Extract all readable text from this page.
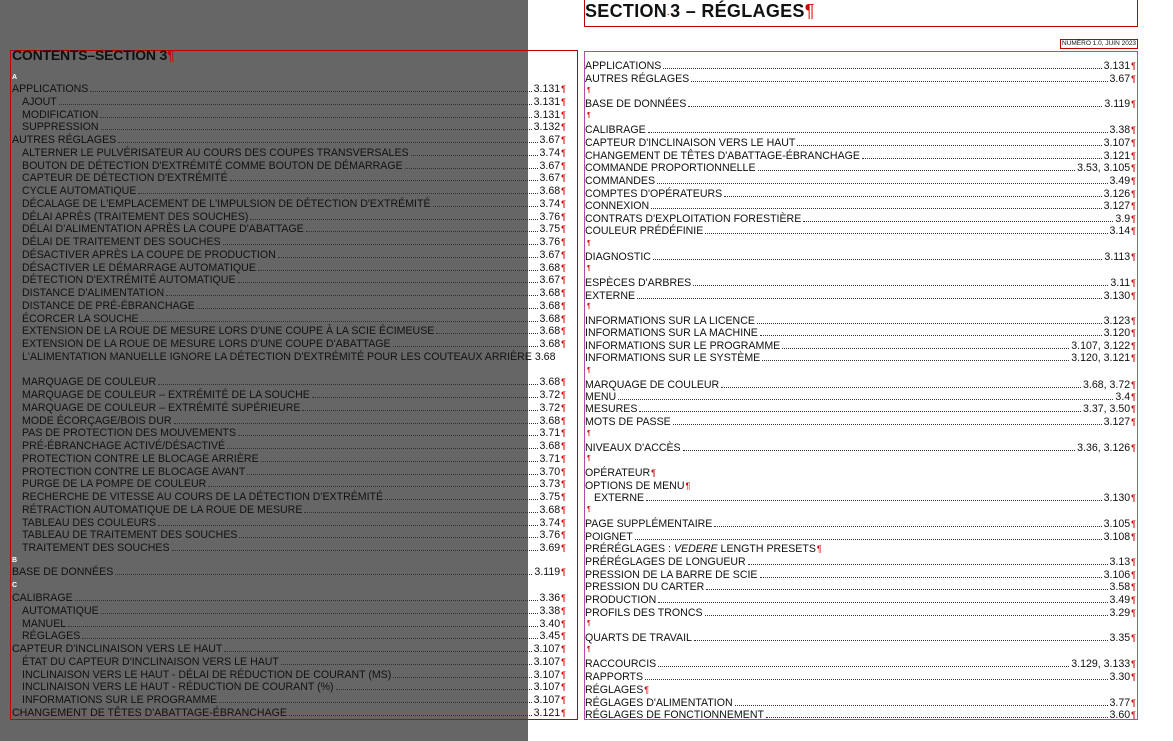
CONTENTS–SECTION 3¶
A
APPLICATIONS	3.131 ¶
AJOUT	3.131 ¶
MODIFICATION	3.131 ¶
SUPPRESSION	3.132 ¶
AUTRES RÉGLAGES	3.67 ¶
ALTERNER LE PULVÉRISATEUR AU COURS DES COUPES TRANSVERSALES	3.74 ¶
BOUTON DE DÉTECTION D'EXTRÉMITÉ COMME BOUTON DE DÉMARRAGE	3.67 ¶
CAPTEUR DE DÉTECTION D'EXTRÉMITÉ	3.67 ¶
CYCLE AUTOMATIQUE	3.68 ¶
DÉCALAGE DE L'EMPLACEMENT DE L'IMPULSION DE DÉTECTION D'EXTRÉMITÉ	3.74 ¶
DÉLAI APRÈS (TRAITEMENT DES SOUCHES)	3.76 ¶
DÉLAI D'ALIMENTATION APRÈS LA COUPE D'ABATTAGE	3.75 ¶
DÉLAI DE TRAITEMENT DES SOUCHES	3.76 ¶
DÉSACTIVER APRÈS LA COUPE DE PRODUCTION	3.67 ¶
DÉSACTIVER LE DÉMARRAGE AUTOMATIQUE	3.68 ¶
DÉTECTION D'EXTRÉMITÉ AUTOMATIQUE	3.67 ¶
DISTANCE D'ALIMENTATION	3.68 ¶
DISTANCE DE PRÉ-ÉBRANCHAGE	3.68 ¶
ÉCORCER LA SOUCHE	3.68 ¶
EXTENSION DE LA ROUE DE MESURE LORS D'UNE COUPE À LA SCIE ÉCIMEUSE	3.68 ¶
EXTENSION DE LA ROUE DE MESURE LORS D'UNE COUPE D'ABATTAGE	3.68 ¶
L'ALIMENTATION MANUELLE IGNORE LA DÉTECTION D'EXTRÉMITÉ POUR LES COUTEAUX ARRIÈRE 3.68
MARQUAGE DE COULEUR	3.68 ¶
MARQUAGE DE COULEUR – EXTRÉMITÉ DE LA SOUCHE	3.72 ¶
MARQUAGE DE COULEUR – EXTRÉMITÉ SUPÉRIEURE	3.72 ¶
MODE ÉCORÇAGE/BOIS DUR	3.68 ¶
PAS DE PROTECTION DES MOUVEMENTS	3.71 ¶
PRÉ-ÉBRANCHAGE ACTIVÉ/DÉSACTIVÉ	3.68 ¶
PROTECTION CONTRE LE BLOCAGE ARRIÈRE	3.71 ¶
PROTECTION CONTRE LE BLOCAGE AVANT	3.70 ¶
PURGE DE LA POMPE DE COULEUR	3.73 ¶
RECHERCHE DE VITESSE AU COURS DE LA DÉTECTION D'EXTRÉMITÉ	3.75 ¶
RÉTRACTION AUTOMATIQUE DE LA ROUE DE MESURE	3.68 ¶
TABLEAU DES COULEURS	3.74 ¶
TABLEAU DE TRAITEMENT DES SOUCHES	3.76 ¶
TRAITEMENT DES SOUCHES	3.69 ¶
B
BASE DE DONNÉES	3.119 ¶
C
CALIBRAGE	3.36 ¶
AUTOMATIQUE	3.38 ¶
MANUEL	3.40 ¶
RÉGLAGES	3.45 ¶
CAPTEUR D'INCLINAISON VERS LE HAUT	3.107 ¶
ÉTAT DU CAPTEUR D'INCLINAISON VERS LE HAUT	3.107 ¶
INCLINAISON VERS LE HAUT - DÉLAI DE RÉDUCTION DE COURANT (MS)	3.107 ¶
INCLINAISON VERS LE HAUT - RÉDUCTION DE COURANT (%)	3.107 ¶
INFORMATIONS SUR LE PROGRAMME	3.107 ¶
CHANGEMENT DE TÊTES D'ABATTAGE-ÉBRANCHAGE	3.121 ¶
SECTION·3 – RÉGLAGES¶
NUMÉRO 1.0, JUIN 2023
¶
¶
¶
¶
¶
¶
¶
¶
¶
¶
¶
APPLICATIONS	3.131 ¶
AUTRES RÉGLAGES	3.67 ¶
BASE DE DONNÉES	3.119 ¶
CALIBRAGE	3.38 ¶
CAPTEUR D'INCLINAISON VERS LE HAUT	3.107 ¶
CHANGEMENT DE TÊTES D'ABATTAGE-ÉBRANCHAGE	3.121 ¶
COMMANDE PROPORTIONNELLE	3.53, 3.105 ¶
COMMANDES	3.49 ¶
COMPTES D'OPÉRATEURS	3.126 ¶
CONNEXION	3.127 ¶
CONTRATS D'EXPLOITATION FORESTIÈRE	3.9 ¶
COULEUR PRÉDÉFINIE	3.14 ¶
DIAGNOSTIC	3.113 ¶
ESPÈCES D'ARBRES	3.11 ¶
EXTERNE	3.130 ¶
INFORMATIONS SUR LA LICENCE	3.123 ¶
INFORMATIONS SUR LA MACHINE	3.120 ¶
INFORMATIONS SUR LE PROGRAMME	3.107, 3.122 ¶
INFORMATIONS SUR LE SYSTÈME	3.120, 3.121 ¶
MARQUAGE DE COULEUR	3.68, 3.72 ¶
MENU	3.4 ¶
MESURES	3.37, 3.50 ¶
MOTS DE PASSE	3.127 ¶
NIVEAUX D'ACCÈS	3.36, 3.126 ¶
OPÉRATEUR ¶
OPTIONS DE MENU ¶
EXTERNE	3.130 ¶
PAGE SUPPLÉMENTAIRE	3.105 ¶
POIGNET	3.108 ¶
PRÉRÉGLAGES : VEDERE LENGTH PRESETS ¶
PRÉRÉGLAGES DE LONGUEUR	3.13 ¶
PRESSION DE LA BARRE DE SCIE	3.106 ¶
PRESSION DU CARTER	3.58 ¶
PRODUCTION	3.49 ¶
PROFILS DES TRONCS	3.29 ¶
QUARTS DE TRAVAIL	3.35 ¶
RACCOURCIS	3.129, 3.133 ¶
RAPPORTS	3.30 ¶
RÉGLAGES ¶
RÉGLAGES D'ALIMENTATION	3.77 ¶
RÉGLAGES DE FONCTIONNEMENT	3.60 ¶
